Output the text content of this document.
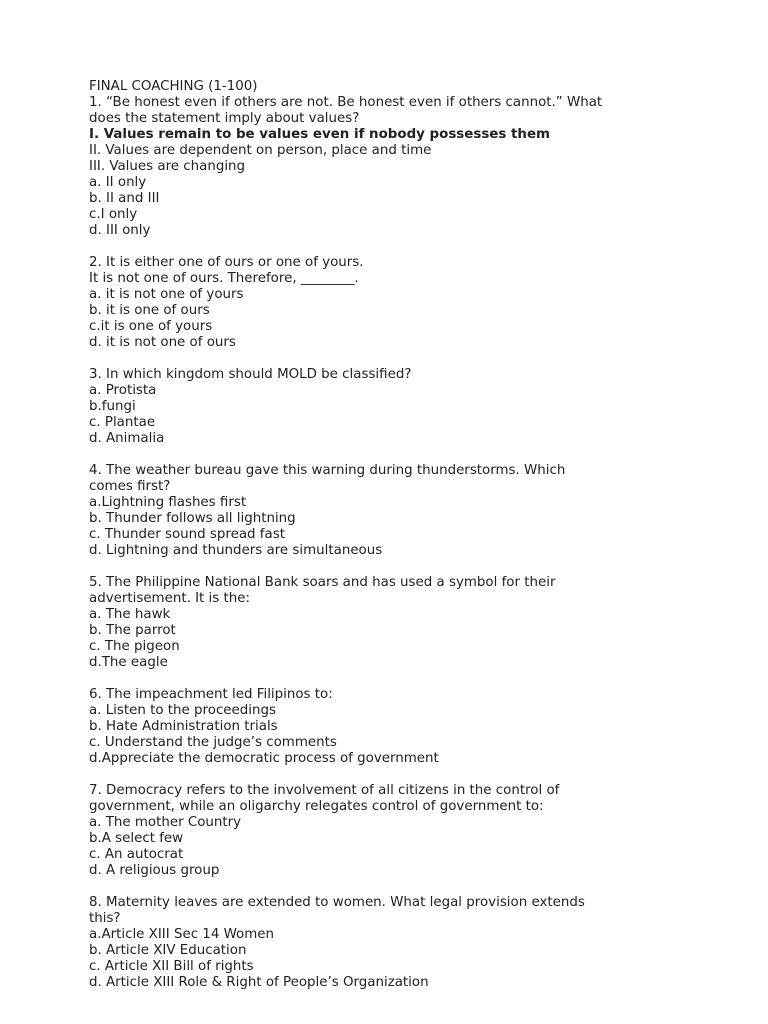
FINAL COACHING (1-100)
1. “Be honest even if others are not. Be honest even if others cannot.” What
does the statement imply about values?
I. Values remain to be values even if nobody possesses them
II. Values are dependent on person, place and time
III. Values are changing
a. II only
b. II and III
c.I only
d. III only
2. It is either one of ours or one of yours.
It is not one of ours. Therefore, ________.
a. it is not one of yours
b. it is one of ours
c.it is one of yours
d. it is not one of ours
3. In which kingdom should MOLD be classified?
a. Protista
b.fungi
c. Plantae
d. Animalia
4. The weather bureau gave this warning during thunderstorms. Which
comes first?
a.Lightning flashes first
b. Thunder follows all lightning
c. Thunder sound spread fast
d. Lightning and thunders are simultaneous
5. The Philippine National Bank soars and has used a symbol for their
advertisement. It is the:
a. The hawk
b. The parrot
c. The pigeon
d.The eagle
6. The impeachment led Filipinos to:
a. Listen to the proceedings
b. Hate Administration trials
c. Understand the judge’s comments
d.Appreciate the democratic process of government
7. Democracy refers to the involvement of all citizens in the control of
government, while an oligarchy relegates control of government to:
a. The mother Country
b.A select few
c. An autocrat
d. A religious group
8. Maternity leaves are extended to women. What legal provision extends
this?
a.Article XIII Sec 14 Women
b. Article XIV Education
c. Article XII Bill of rights
d. Article XIII Role & Right of People’s Organization
